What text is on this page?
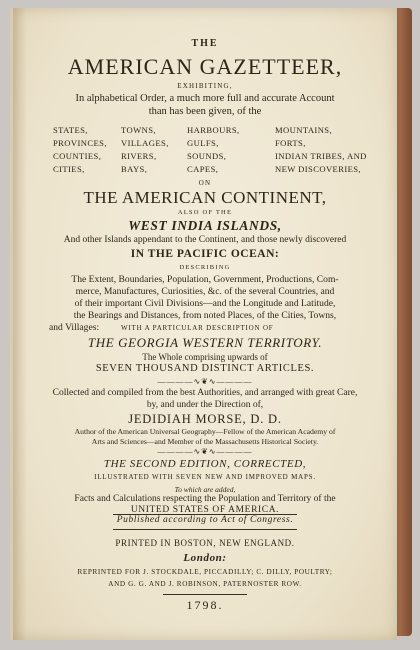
THE
AMERICAN GAZETTEER,
EXHIBITING,
In alphabetical Order, a much more full and accurate Account
than has been given, of the
STATES,	TOWNS,	HARBOURS,	MOUNTAINS,
PROVINCES,	VILLAGES,	GULFS,	FORTS,
COUNTIES,	RIVERS,	SOUNDS,	INDIAN TRIBES, AND
CITIES,	BAYS,	CAPES,	NEW DISCOVERIES,
ON
THE AMERICAN CONTINENT,
ALSO OF THE
WEST INDIA ISLANDS,
And other Islands appendant to the Continent, and those newly discovered
IN THE PACIFIC OCEAN:
DESCRIBING
The Extent, Boundaries, Population, Government, Productions, Com-
merce, Manufactures, Curiosities, &c. of the several Countries, and
of their important Civil Divisions—and the Longitude and Latitude,
the Bearings and Distances, from noted Places, of the Cities, Towns,
and Villages:	WITH A PARTICULAR DESCRIPTION OF
THE GEORGIA WESTERN TERRITORY.
The Whole comprising upwards of
SEVEN THOUSAND DISTINCT ARTICLES.
————∿❦∿————
Collected and compiled from the best Authorities, and arranged with great Care,
by, and under the Direction of,
JEDIDIAH MORSE, D. D.
Author of the American Universal Geography—Fellow of the American Academy of
Arts and Sciences—and Member of the Massachusetts Historical Society.
————∿❦∿————
THE SECOND EDITION, CORRECTED,
ILLUSTRATED WITH SEVEN NEW AND IMPROVED MAPS.
To which are added,
Facts and Calculations respecting the Population and Territory of the
UNITED STATES OF AMERICA.
Published according to Act of Congress.
PRINTED IN BOSTON, NEW ENGLAND.
London:
REPRINTED FOR J. STOCKDALE, PICCADILLY; C. DILLY, POULTRY;
AND G. G. AND J. ROBINSON, PATERNOSTER ROW.
1798.
